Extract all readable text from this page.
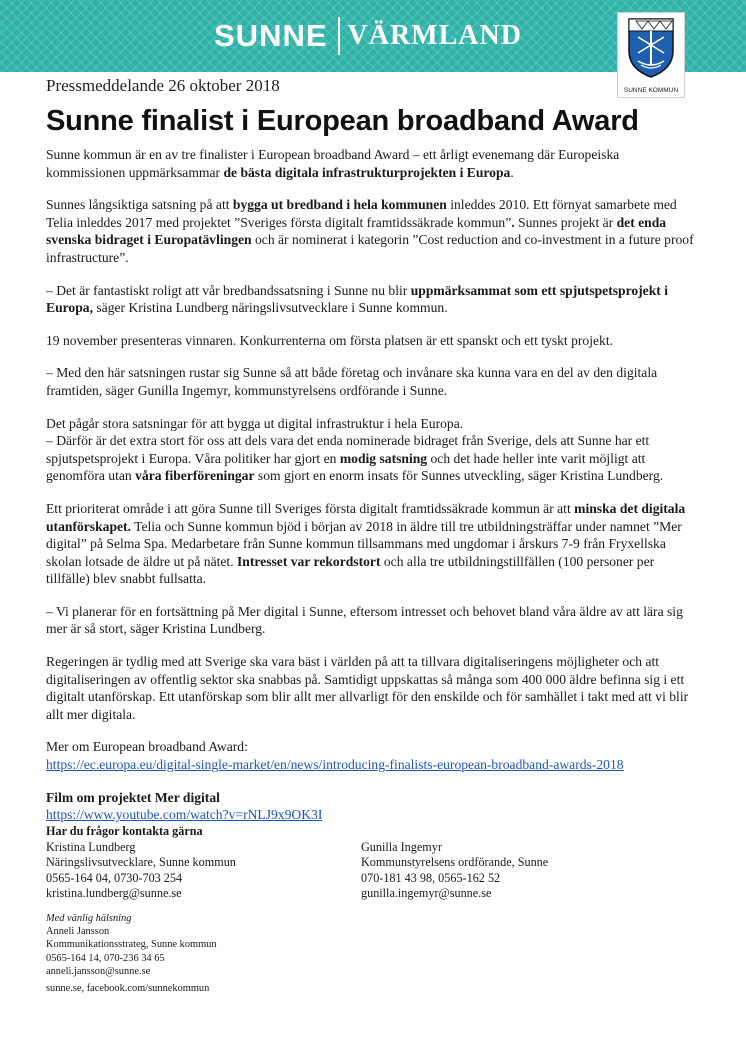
SUNNE VÄRMLAND
SUNNE KOMMUN
Pressmeddelande 26 oktober 2018
Sunne finalist i European broadband Award

Sunne kommun är en av tre finalister i European broadband Award – ett årligt evenemang där Europeiska kommissionen uppmärksammar de bästa digitala infrastrukturprojekten i Europa.

Sunnes långsiktiga satsning på att bygga ut bredband i hela kommunen inleddes 2010. Ett förnyat samarbete med Telia inleddes 2017 med projektet ”Sveriges första digitalt framtidssäkrade kommun”. Sunnes projekt är det enda svenska bidraget i Europatävlingen och är nominerat i kategorin ”Cost reduction and co-investment in a future proof infrastructure”.

– Det är fantastiskt roligt att vår bredbandssatsning i Sunne nu blir uppmärksammat som ett spjutspetsprojekt i Europa, säger Kristina Lundberg näringslivsutvecklare i Sunne kommun.

19 november presenteras vinnaren. Konkurrenterna om första platsen är ett spanskt och ett tyskt projekt.

– Med den här satsningen rustar sig Sunne så att både företag och invånare ska kunna vara en del av den digitala framtiden, säger Gunilla Ingemyr, kommunstyrelsens ordförande i Sunne.

Det pågår stora satsningar för att bygga ut digital infrastruktur i hela Europa.

– Därför är det extra stort för oss att dels vara det enda nominerade bidraget från Sverige, dels att Sunne har ett spjutspetsprojekt i Europa. Våra politiker har gjort en modig satsning och det hade heller inte varit möjligt att genomföra utan våra fiberföreningar som gjort en enorm insats för Sunnes utveckling, säger Kristina Lundberg.

Ett prioriterat område i att göra Sunne till Sveriges första digitalt framtidssäkrade kommun är att minska det digitala utanförskapet. Telia och Sunne kommun bjöd i början av 2018 in äldre till tre utbildningsträffar under namnet ”Mer digital” på Selma Spa. Medarbetare från Sunne kommun tillsammans med ungdomar i årskurs 7-9 från Fryxellska skolan lotsade de äldre ut på nätet. Intresset var rekordstort och alla tre utbildningstillfällen (100 personer per tillfälle) blev snabbt fullsatta.

– Vi planerar för en fortsättning på Mer digital i Sunne, eftersom intresset och behovet bland våra äldre av att lära sig mer är så stort, säger Kristina Lundberg.

Regeringen är tydlig med att Sverige ska vara bäst i världen på att ta tillvara digitaliseringens möjligheter och att digitaliseringen av offentlig sektor ska snabbas på. Samtidigt uppskattas så många som 400 000 äldre befinna sig i ett digitalt utanförskap. Ett utanförskap som blir allt mer allvarligt för den enskilde och för samhället i takt med att vi blir allt mer digitala.

Mer om European broadband Award:
https://ec.europa.eu/digital-single-market/en/news/introducing-finalists-european-broadband-awards-2018

Film om projektet Mer digital
https://www.youtube.com/watch?v=rNLJ9x9OK3I

Har du frågor kontakta gärna
Kristina Lundberg
Näringslivsutvecklare, Sunne kommun
0565-164 04, 0730-703 254
kristina.lundberg@sunne.se
Gunilla Ingemyr
Kommunstyrelsens ordförande, Sunne
070-181 43 98, 0565-162 52
gunilla.ingemyr@sunne.se
Med vänlig hälsning
Anneli Jansson
Kommunikationsstrateg, Sunne kommun
0565-164 14, 070-236 34 65
anneli.jansson@sunne.se
sunne.se, facebook.com/sunnekommun
